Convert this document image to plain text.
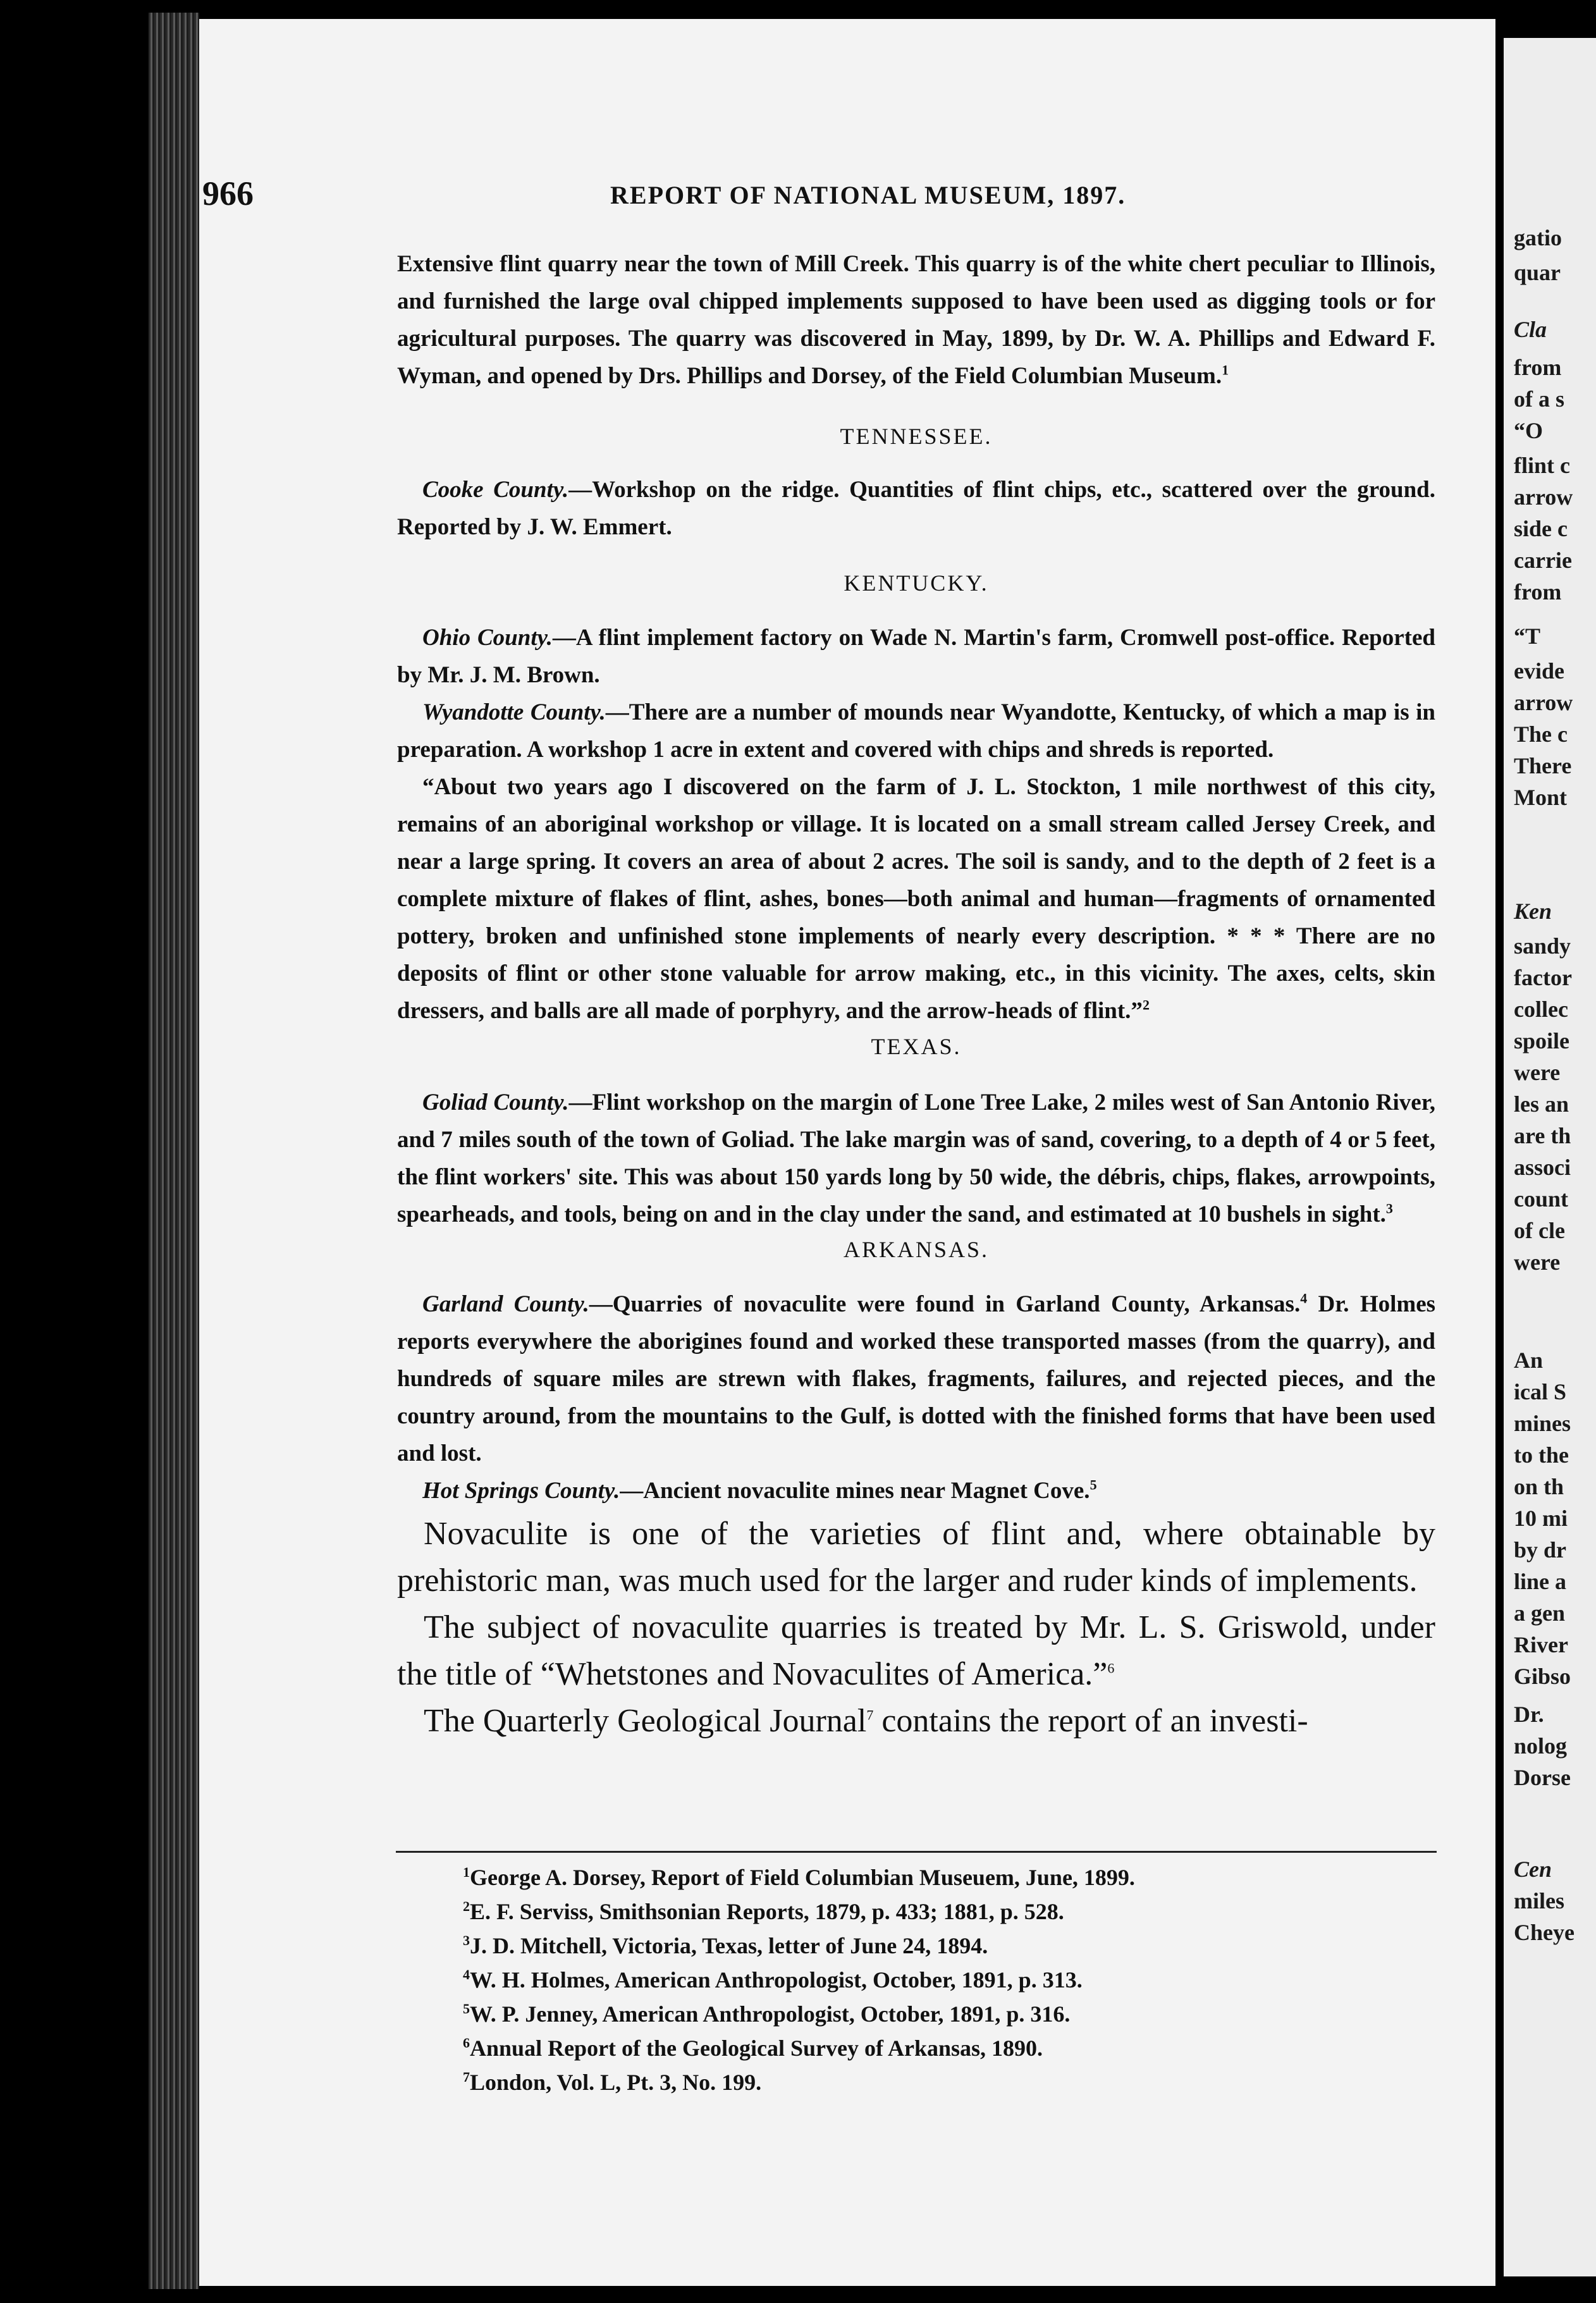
966	REPORT OF NATIONAL MUSEUM, 1897.

Extensive flint quarry near the town of Mill Creek. This quarry is of the white chert peculiar to Illinois, and furnished the large oval chipped implements supposed to have been used as digging tools or for agricultural purposes. The quarry was discovered in May, 1899, by Dr. W. A. Phillips and Edward F. Wyman, and opened by Drs. Phillips and Dorsey, of the Field Columbian Museum.$^1$

TENNESSEE.

Cooke County.—Workshop on the ridge. Quantities of flint chips, etc., scattered over the ground. Reported by J. W. Emmert.

KENTUCKY.

Ohio County.—A flint implement factory on Wade N. Martin's farm, Cromwell post-office. Reported by Mr. J. M. Brown.

Wyandotte County.—There are a number of mounds near Wyandotte, Kentucky, of which a map is in preparation. A workshop 1 acre in extent and covered with chips and shreds is reported.

“About two years ago I discovered on the farm of J. L. Stockton, 1 mile northwest of this city, remains of an aboriginal workshop or village. It is located on a small stream called Jersey Creek, and near a large spring. It covers an area of about 2 acres. The soil is sandy, and to the depth of 2 feet is a complete mixture of flakes of flint, ashes, bones—both animal and human—fragments of ornamented pottery, broken and unfinished stone implements of nearly every description. * * * There are no deposits of flint or other stone valuable for arrow making, etc., in this vicinity. The axes, celts, skin dressers, and balls are all made of porphyry, and the arrow-heads of flint.”$^2$

TEXAS.

Goliad County.—Flint workshop on the margin of Lone Tree Lake, 2 miles west of San Antonio River, and 7 miles south of the town of Goliad. The lake margin was of sand, covering, to a depth of 4 or 5 feet, the flint workers' site. This was about 150 yards long by 50 wide, the débris, chips, flakes, arrowpoints, spearheads, and tools, being on and in the clay under the sand, and estimated at 10 bushels in sight.$^3$

ARKANSAS.

Garland County.—Quarries of novaculite were found in Garland County, Arkansas.$^4$ Dr. Holmes reports everywhere the aborigines found and worked these transported masses (from the quarry), and hundreds of square miles are strewn with flakes, fragments, failures, and rejected pieces, and the country around, from the mountains to the Gulf, is dotted with the finished forms that have been used and lost.

Hot Springs County.—Ancient novaculite mines near Magnet Cove.$^5$

Novaculite is one of the varieties of flint and, where obtainable by prehistoric man, was much used for the larger and ruder kinds of implements.

The subject of novaculite quarries is treated by Mr. L. S. Griswold, under the title of “Whetstones and Novaculites of America.”$^6$

The Quarterly Geological Journal$^7$ contains the report of an investi-

$^1$George A. Dorsey, Report of Field Columbian Museuem, June, 1899.

$^2$E. F. Serviss, Smithsonian Reports, 1879, p. 433; 1881, p. 528.

$^3$J. D. Mitchell, Victoria, Texas, letter of June 24, 1894.

$^4$W. H. Holmes, American Anthropologist, October, 1891, p. 313.

$^5$W. P. Jenney, American Anthropologist, October, 1891, p. 316.

$^6$Annual Report of the Geological Survey of Arkansas, 1890.

$^7$London, Vol. L, Pt. 3, No. 199.

gatio
quar
Cla
from
of a s
“O
flint c
arrow
side c
carrie
from
“T
evide
arrow
The c
There
Mont
Ken
sandy
factor
collec
spoile
were
les an
are th
associ
count
of cle
were
An
ical S
mines
to the
on th
10 mi
by dr
line a
a gen
River
Gibso
Dr.
nolog
Dorse
Cen
miles
Cheye
